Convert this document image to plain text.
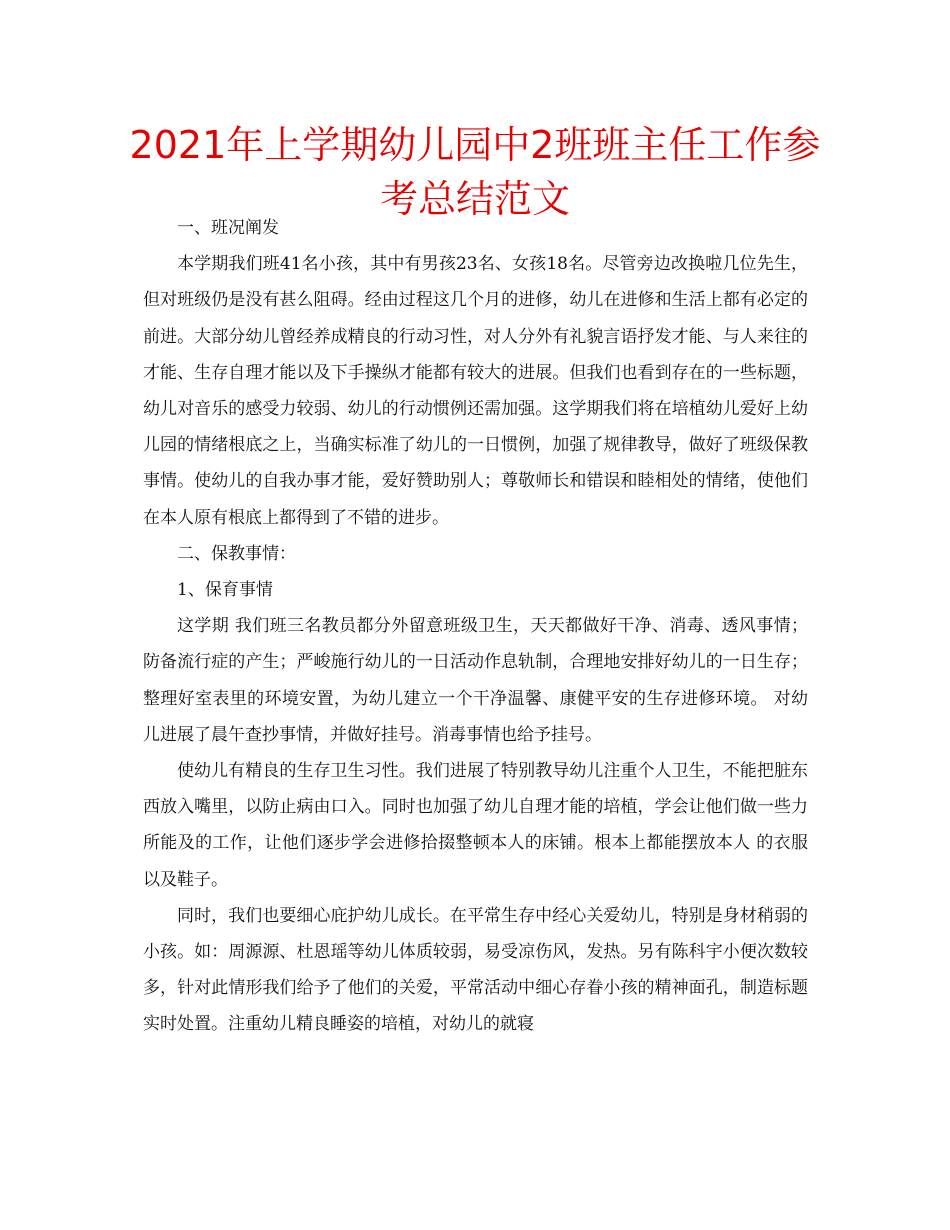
2021年上学期幼儿园中2班班主任工作参考总结范文

一、班况阐发

本学期我们班41名小孩，其中有男孩23名、女孩18名。尽管旁边改换啦几位先生，但对班级仍是没有甚么阻碍。经由过程这几个月的进修，幼儿在进修和生活上都有必定的前进。大部分幼儿曾经养成精良的行动习性，对人分外有礼貌言语抒发才能、与人来往的才能、生存自理才能以及下手操纵才能都有较大的进展。但我们也看到存在的一些标题，幼儿对音乐的感受力较弱、幼儿的行动惯例还需加强。这学期我们将在培植幼儿爱好上幼儿园的情绪根底之上，当确实标准了幼儿的一日惯例，加强了规律教导，做好了班级保教事情。使幼儿的自我办事才能，爱好赞助别人；尊敬师长和错误和睦相处的情绪，使他们在本人原有根底上都得到了不错的进步。

二、保教事情：

1、保育事情

这学期 我们班三名教员都分外留意班级卫生，天天都做好干净、消毒、透风事情；防备流行症的产生；严峻施行幼儿的一日活动作息轨制，合理地安排好幼儿的一日生存；整理好室表里的环境安置，为幼儿建立一个干净温馨、康健平安的生存进修环境。 对幼儿进展了晨午查抄事情，并做好挂号。消毒事情也给予挂号。

使幼儿有精良的生存卫生习性。我们进展了特别教导幼儿注重个人卫生，不能把脏东西放入嘴里，以防止病由口入。同时也加强了幼儿自理才能的培植，学会让他们做一些力所能及的工作，让他们逐步学会进修拾掇整顿本人的床铺。根本上都能摆放本人 的衣服以及鞋子。

同时，我们也要细心庇护幼儿成长。在平常生存中经心关爱幼儿，特别是身材稍弱的小孩。如：周源源、杜恩瑶等幼儿体质较弱，易受凉伤风，发热。另有陈科宇小便次数较多，针对此情形我们给予了他们的关爱，平常活动中细心存眷小孩的精神面孔，制造标题实时处置。注重幼儿精良睡姿的培植，对幼儿的就寝
